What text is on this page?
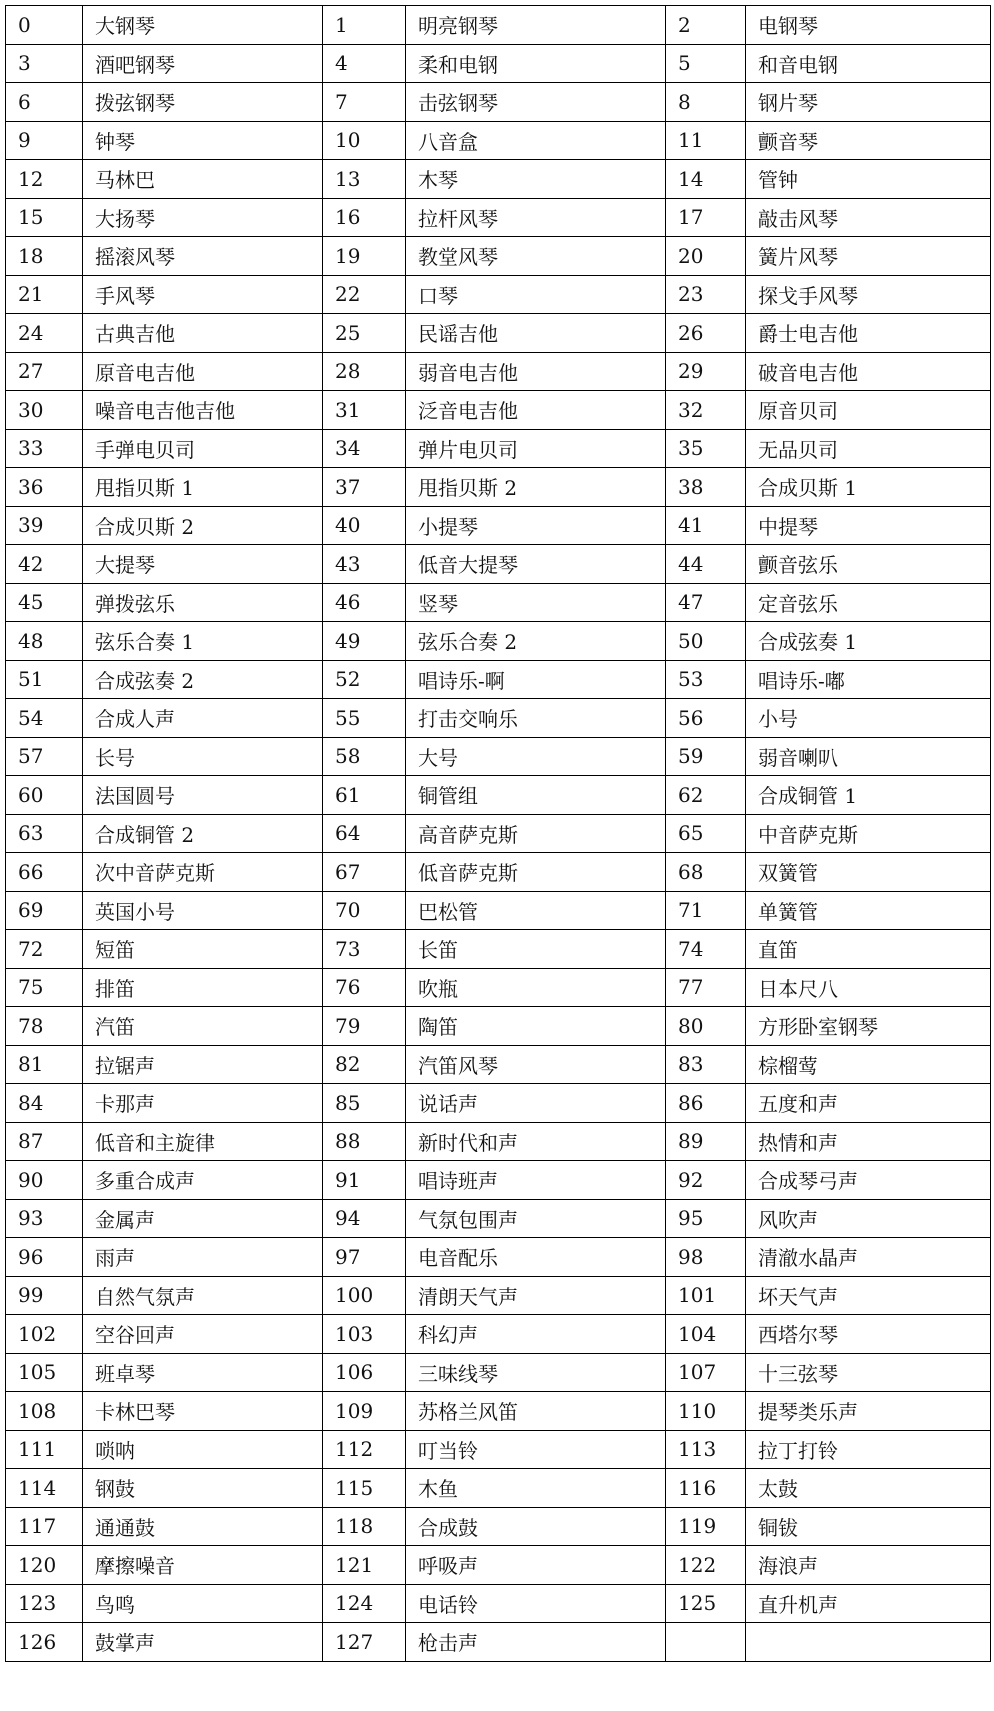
0	大钢琴	1	明亮钢琴	2	电钢琴
3	酒吧钢琴	4	柔和电钢	5	和音电钢
6	拨弦钢琴	7	击弦钢琴	8	钢片琴
9	钟琴	10	八音盒	11	颤音琴
12	马林巴	13	木琴	14	管钟
15	大扬琴	16	拉杆风琴	17	敲击风琴
18	摇滚风琴	19	教堂风琴	20	簧片风琴
21	手风琴	22	口琴	23	探戈手风琴
24	古典吉他	25	民谣吉他	26	爵士电吉他
27	原音电吉他	28	弱音电吉他	29	破音电吉他
30	噪音电吉他吉他	31	泛音电吉他	32	原音贝司
33	手弹电贝司	34	弹片电贝司	35	无品贝司
36	甩指贝斯 1	37	甩指贝斯 2	38	合成贝斯 1
39	合成贝斯 2	40	小提琴	41	中提琴
42	大提琴	43	低音大提琴	44	颤音弦乐
45	弹拨弦乐	46	竖琴	47	定音弦乐
48	弦乐合奏 1	49	弦乐合奏 2	50	合成弦奏 1
51	合成弦奏 2	52	唱诗乐-啊	53	唱诗乐-嘟
54	合成人声	55	打击交响乐	56	小号
57	长号	58	大号	59	弱音喇叭
60	法国圆号	61	铜管组	62	合成铜管 1
63	合成铜管 2	64	高音萨克斯	65	中音萨克斯
66	次中音萨克斯	67	低音萨克斯	68	双簧管
69	英国小号	70	巴松管	71	单簧管
72	短笛	73	长笛	74	直笛
75	排笛	76	吹瓶	77	日本尺八
78	汽笛	79	陶笛	80	方形卧室钢琴
81	拉锯声	82	汽笛风琴	83	棕榴莺
84	卡那声	85	说话声	86	五度和声
87	低音和主旋律	88	新时代和声	89	热情和声
90	多重合成声	91	唱诗班声	92	合成琴弓声
93	金属声	94	气氛包围声	95	风吹声
96	雨声	97	电音配乐	98	清澈水晶声
99	自然气氛声	100	清朗天气声	101	坏天气声
102	空谷回声	103	科幻声	104	西塔尔琴
105	班卓琴	106	三味线琴	107	十三弦琴
108	卡林巴琴	109	苏格兰风笛	110	提琴类乐声
111	唢呐	112	叮当铃	113	拉丁打铃
114	钢鼓	115	木鱼	116	太鼓
117	通通鼓	118	合成鼓	119	铜钹
120	摩擦噪音	121	呼吸声	122	海浪声
123	鸟鸣	124	电话铃	125	直升机声
126	鼓掌声	127	枪击声		
